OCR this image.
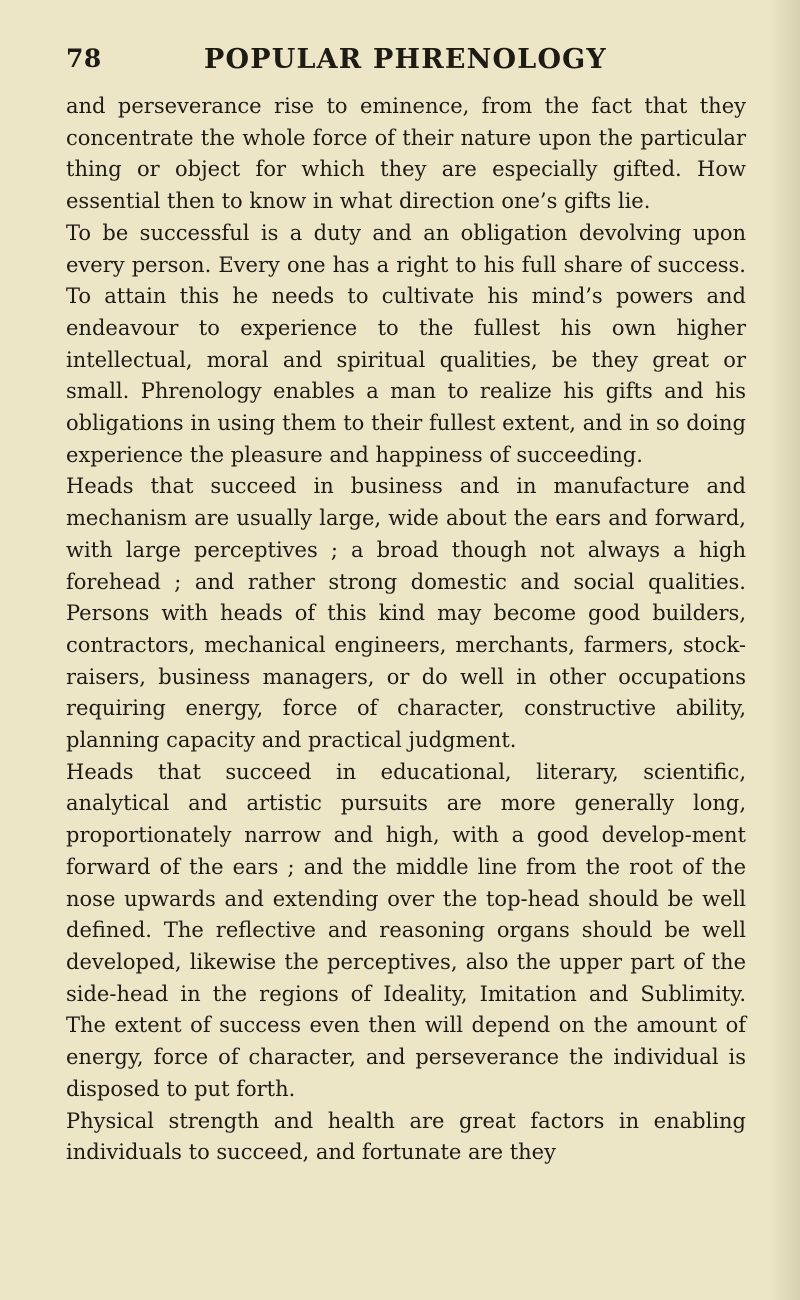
78	POPULAR PHRENOLOGY

and perseverance rise to eminence, from the fact that they concentrate the whole force of their nature upon the particular thing or object for which they are especially gifted. How essential then to know in what direction one’s gifts lie.

To be successful is a duty and an obligation devolving upon every person. Every one has a right to his full share of success. To attain this he needs to cultivate his mind’s powers and endeavour to experience to the fullest his own higher intellectual, moral and spiritual qualities, be they great or small. Phrenology enables a man to realize his gifts and his obligations in using them to their fullest extent, and in so doing experience the pleasure and happiness of succeeding.

Heads that succeed in business and in manufacture and mechanism are usually large, wide about the ears and forward, with large perceptives ; a broad though not always a high forehead ; and rather strong domestic and social qualities. Persons with heads of this kind may become good builders, contractors, mechanical engineers, merchants, farmers, stock-raisers, business managers, or do well in other occupations requiring energy, force of character, constructive ability, planning capacity and practical judgment.

Heads that succeed in educational, literary, scientific, analytical and artistic pursuits are more generally long, proportionately narrow and high, with a good develop-ment forward of the ears ; and the middle line from the root of the nose upwards and extending over the top-head should be well defined. The reflective and reasoning organs should be well developed, likewise the perceptives, also the upper part of the side-head in the regions of Ideality, Imitation and Sublimity. The extent of success even then will depend on the amount of energy, force of character, and perseverance the individual is disposed to put forth.

Physical strength and health are great factors in enabling individuals to succeed, and fortunate are they
